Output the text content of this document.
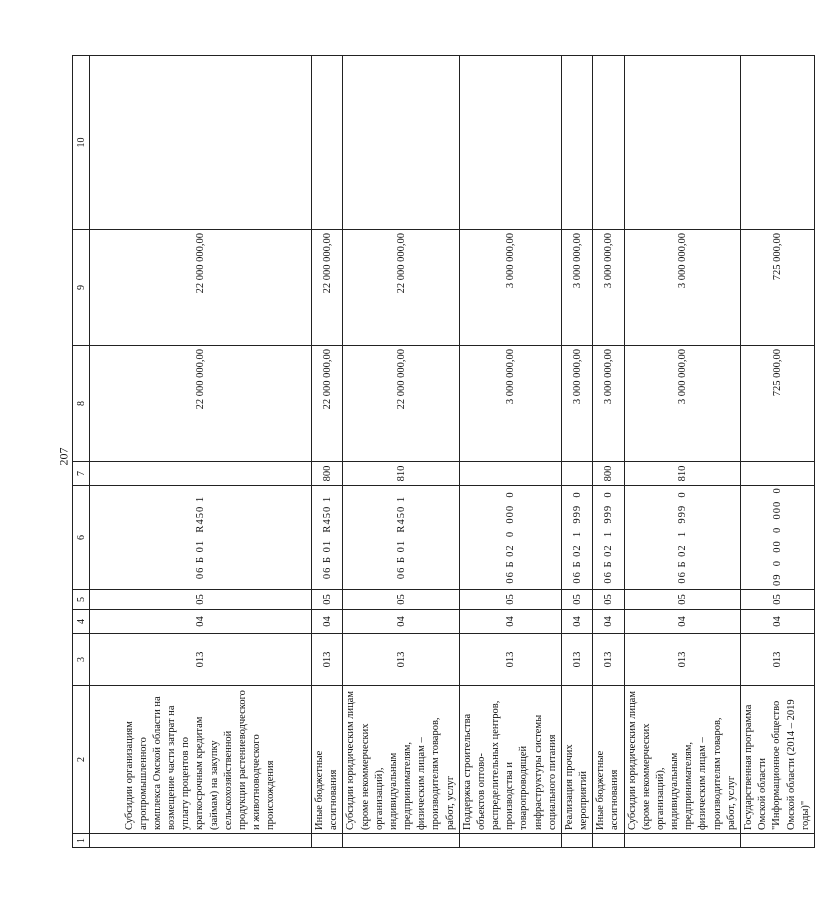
207
1	2	3	4	5	6	7	8	9	10
	Субсидии организациям агропромышленного комплекса Омской области на возмещение части затрат на уплату процентов по краткосрочным кредитам (займам) на закупку сельскохозяйственной продукции растениеводческого и животноводческого происхождения	013	04	05	06 Б 01  R450 1		22 000 000,00	22 000 000,00	
	Иные бюджетные ассигнования	013	04	05	06 Б 01  R450 1	800	22 000 000,00	22 000 000,00	
	Субсидии юридическим лицам (кроме некоммерческих организаций), индивидуальным предпринимателям, физическим лицам – производителям товаров, работ, услуг	013	04	05	06 Б 01  R450 1	810	22 000 000,00	22 000 000,00	
	Поддержка строительства объектов оптово-распределительных центров, производства и товаропроводящей инфраструктуры системы социального питания	013	04	05	06 Б 02  0  000  0		3 000 000,00	3 000 000,00	
	Реализация прочих мероприятий	013	04	05	06 Б 02  1  999  0		3 000 000,00	3 000 000,00	
	Иные бюджетные ассигнования	013	04	05	06 Б 02  1  999  0	800	3 000 000,00	3 000 000,00	
	Субсидии юридическим лицам (кроме некоммерческих организаций), индивидуальным предпринимателям, физическим лицам – производителям товаров, работ, услуг	013	04	05	06 Б 02  1  999  0	810	3 000 000,00	3 000 000,00	
	Государственная программа Омской области "Информационное общество Омской области (2014 – 2019 годы)"	013	04	05	09  0  00  0  000  0		725 000,00	725 000,00	
